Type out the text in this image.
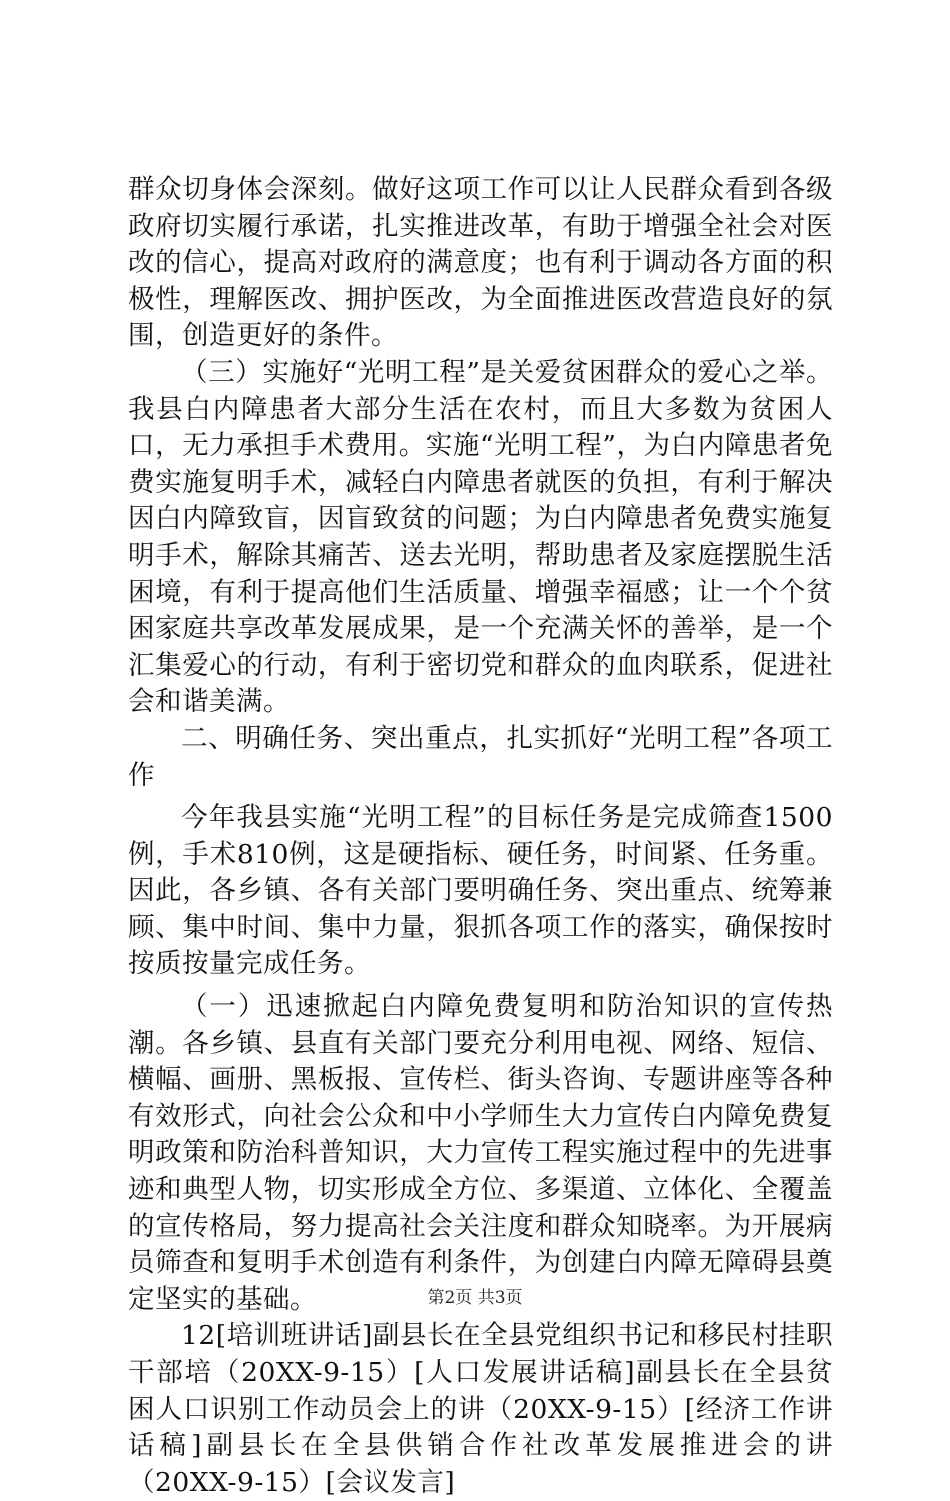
群众切身体会深刻。做好这项工作可以让人民群众看到各级政府切实履行承诺，扎实推进改革，有助于增强全社会对医改的信心，提高对政府的满意度；也有利于调动各方面的积极性，理解医改、拥护医改，为全面推进医改营造良好的氛围，创造更好的条件。

（三）实施好“光明工程”是关爱贫困群众的爱心之举。我县白内障患者大部分生活在农村，而且大多数为贫困人口，无力承担手术费用。实施“光明工程”，为白内障患者免费实施复明手术，减轻白内障患者就医的负担，有利于解决因白内障致盲，因盲致贫的问题；为白内障患者免费实施复明手术，解除其痛苦、送去光明，帮助患者及家庭摆脱生活困境，有利于提高他们生活质量、增强幸福感；让一个个贫困家庭共享改革发展成果，是一个充满关怀的善举，是一个汇集爱心的行动，有利于密切党和群众的血肉联系，促进社会和谐美满。

二、明确任务、突出重点，扎实抓好“光明工程”各项工作

今年我县实施“光明工程”的目标任务是完成筛查1500例，手术810例，这是硬指标、硬任务，时间紧、任务重。因此，各乡镇、各有关部门要明确任务、突出重点、统筹兼顾、集中时间、集中力量，狠抓各项工作的落实，确保按时按质按量完成任务。

（一）迅速掀起白内障免费复明和防治知识的宣传热潮。各乡镇、县直有关部门要充分利用电视、网络、短信、横幅、画册、黑板报、宣传栏、街头咨询、专题讲座等各种有效形式，向社会公众和中小学师生大力宣传白内障免费复明政策和防治科普知识，大力宣传工程实施过程中的先进事迹和典型人物，切实形成全方位、多渠道、立体化、全覆盖的宣传格局，努力提高社会关注度和群众知晓率。为开展病员筛查和复明手术创造有利条件，为创建白内障无障碍县奠定坚实的基础。

12[培训班讲话]副县长在全县党组织书记和移民村挂职干部培（20XX-9-15）[人口发展讲话稿]副县长在全县贫困人口识别工作动员会上的讲（20XX-9-15）[经济工作讲话稿]副县长在全县供销合作社改革发展推进会的讲（20XX-9-15）[会议发言]

第2页 共3页
